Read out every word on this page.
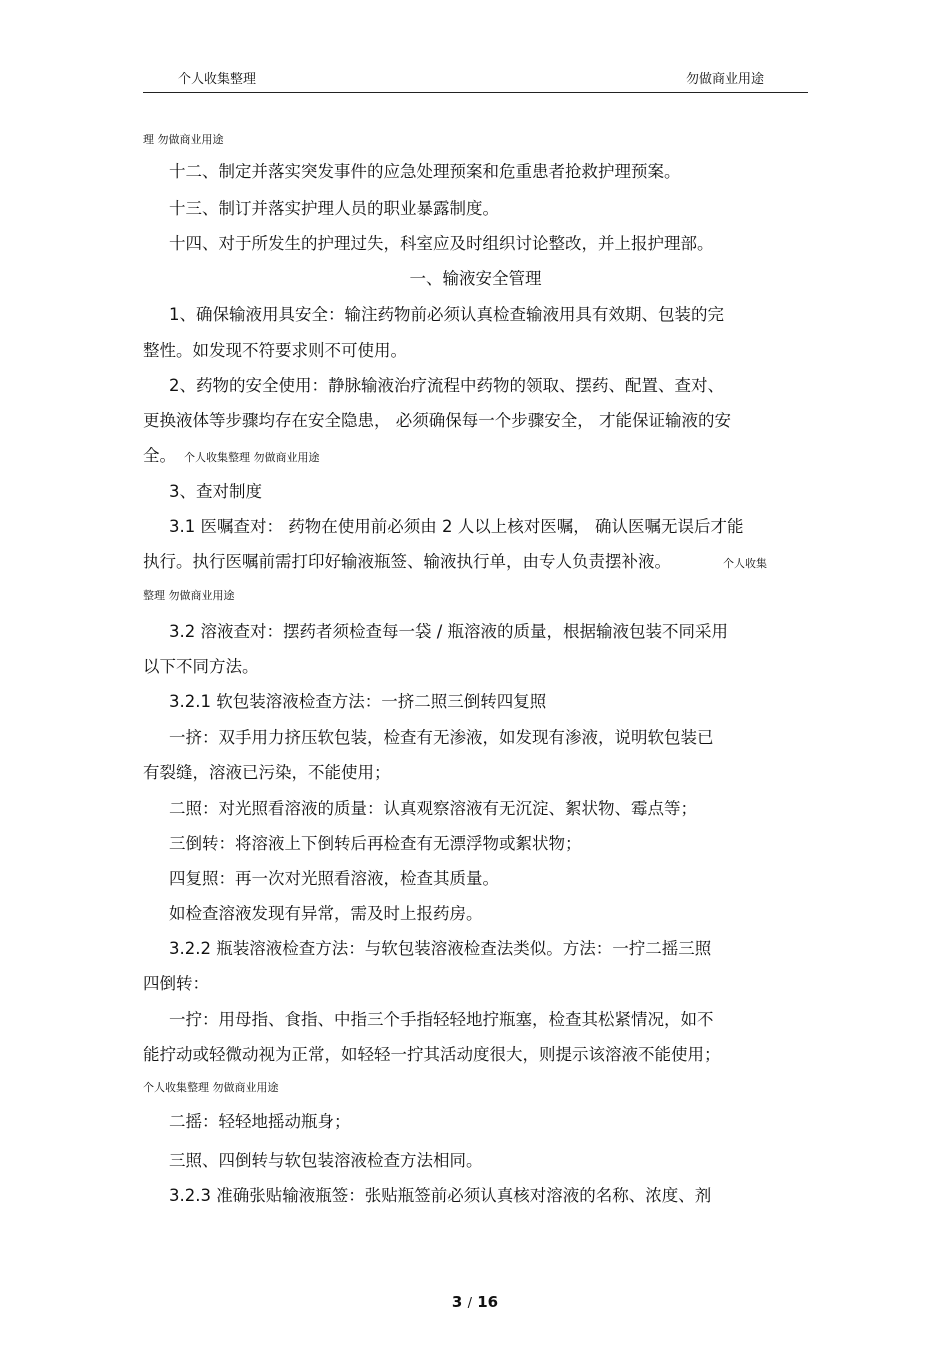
个人收集整理	勿做商业用途
理 勿做商业用途
十二、制定并落实突发事件的应急处理预案和危重患者抢救护理预案。
十三、制订并落实护理人员的职业暴露制度。
十四、对于所发生的护理过失，科室应及时组织讨论整改，并上报护理部。
一、输液安全管理
1、确保输液用具安全：输注药物前必须认真检查输液用具有效期、包装的完
整性。如发现不符要求则不可使用。
2、药物的安全使用：静脉输液治疗流程中药物的领取、摆药、配置、查对、
更换液体等步骤均存在安全隐患， 必须确保每一个步骤安全， 才能保证输液的安
全。 个人收集整理 勿做商业用途
3、查对制度
3.1 医嘱查对： 药物在使用前必须由 2 人以上核对医嘱， 确认医嘱无误后才能
执行。执行医嘱前需打印好输液瓶签、输液执行单，由专人负责摆补液。	个人收集
整理 勿做商业用途
3.2 溶液查对：摆药者须检查每一袋 / 瓶溶液的质量，根据输液包装不同采用
以下不同方法。
3.2.1 软包装溶液检查方法：一挤二照三倒转四复照
一挤：双手用力挤压软包装，检查有无渗液，如发现有渗液，说明软包装已
有裂缝，溶液已污染，不能使用；
二照：对光照看溶液的质量：认真观察溶液有无沉淀、絮状物、霉点等；
三倒转：将溶液上下倒转后再检查有无漂浮物或絮状物；
四复照：再一次对光照看溶液，检查其质量。
如检查溶液发现有异常，需及时上报药房。
3.2.2 瓶装溶液检查方法：与软包装溶液检查法类似。方法：一拧二摇三照
四倒转：
一拧：用母指、食指、中指三个手指轻轻地拧瓶塞，检查其松紧情况，如不
能拧动或轻微动视为正常，如轻轻一拧其活动度很大，则提示该溶液不能使用；
个人收集整理 勿做商业用途
二摇：轻轻地摇动瓶身；
三照、四倒转与软包装溶液检查方法相同。
3.2.3 准确张贴输液瓶签：张贴瓶签前必须认真核对溶液的名称、浓度、剂
3 / 16
